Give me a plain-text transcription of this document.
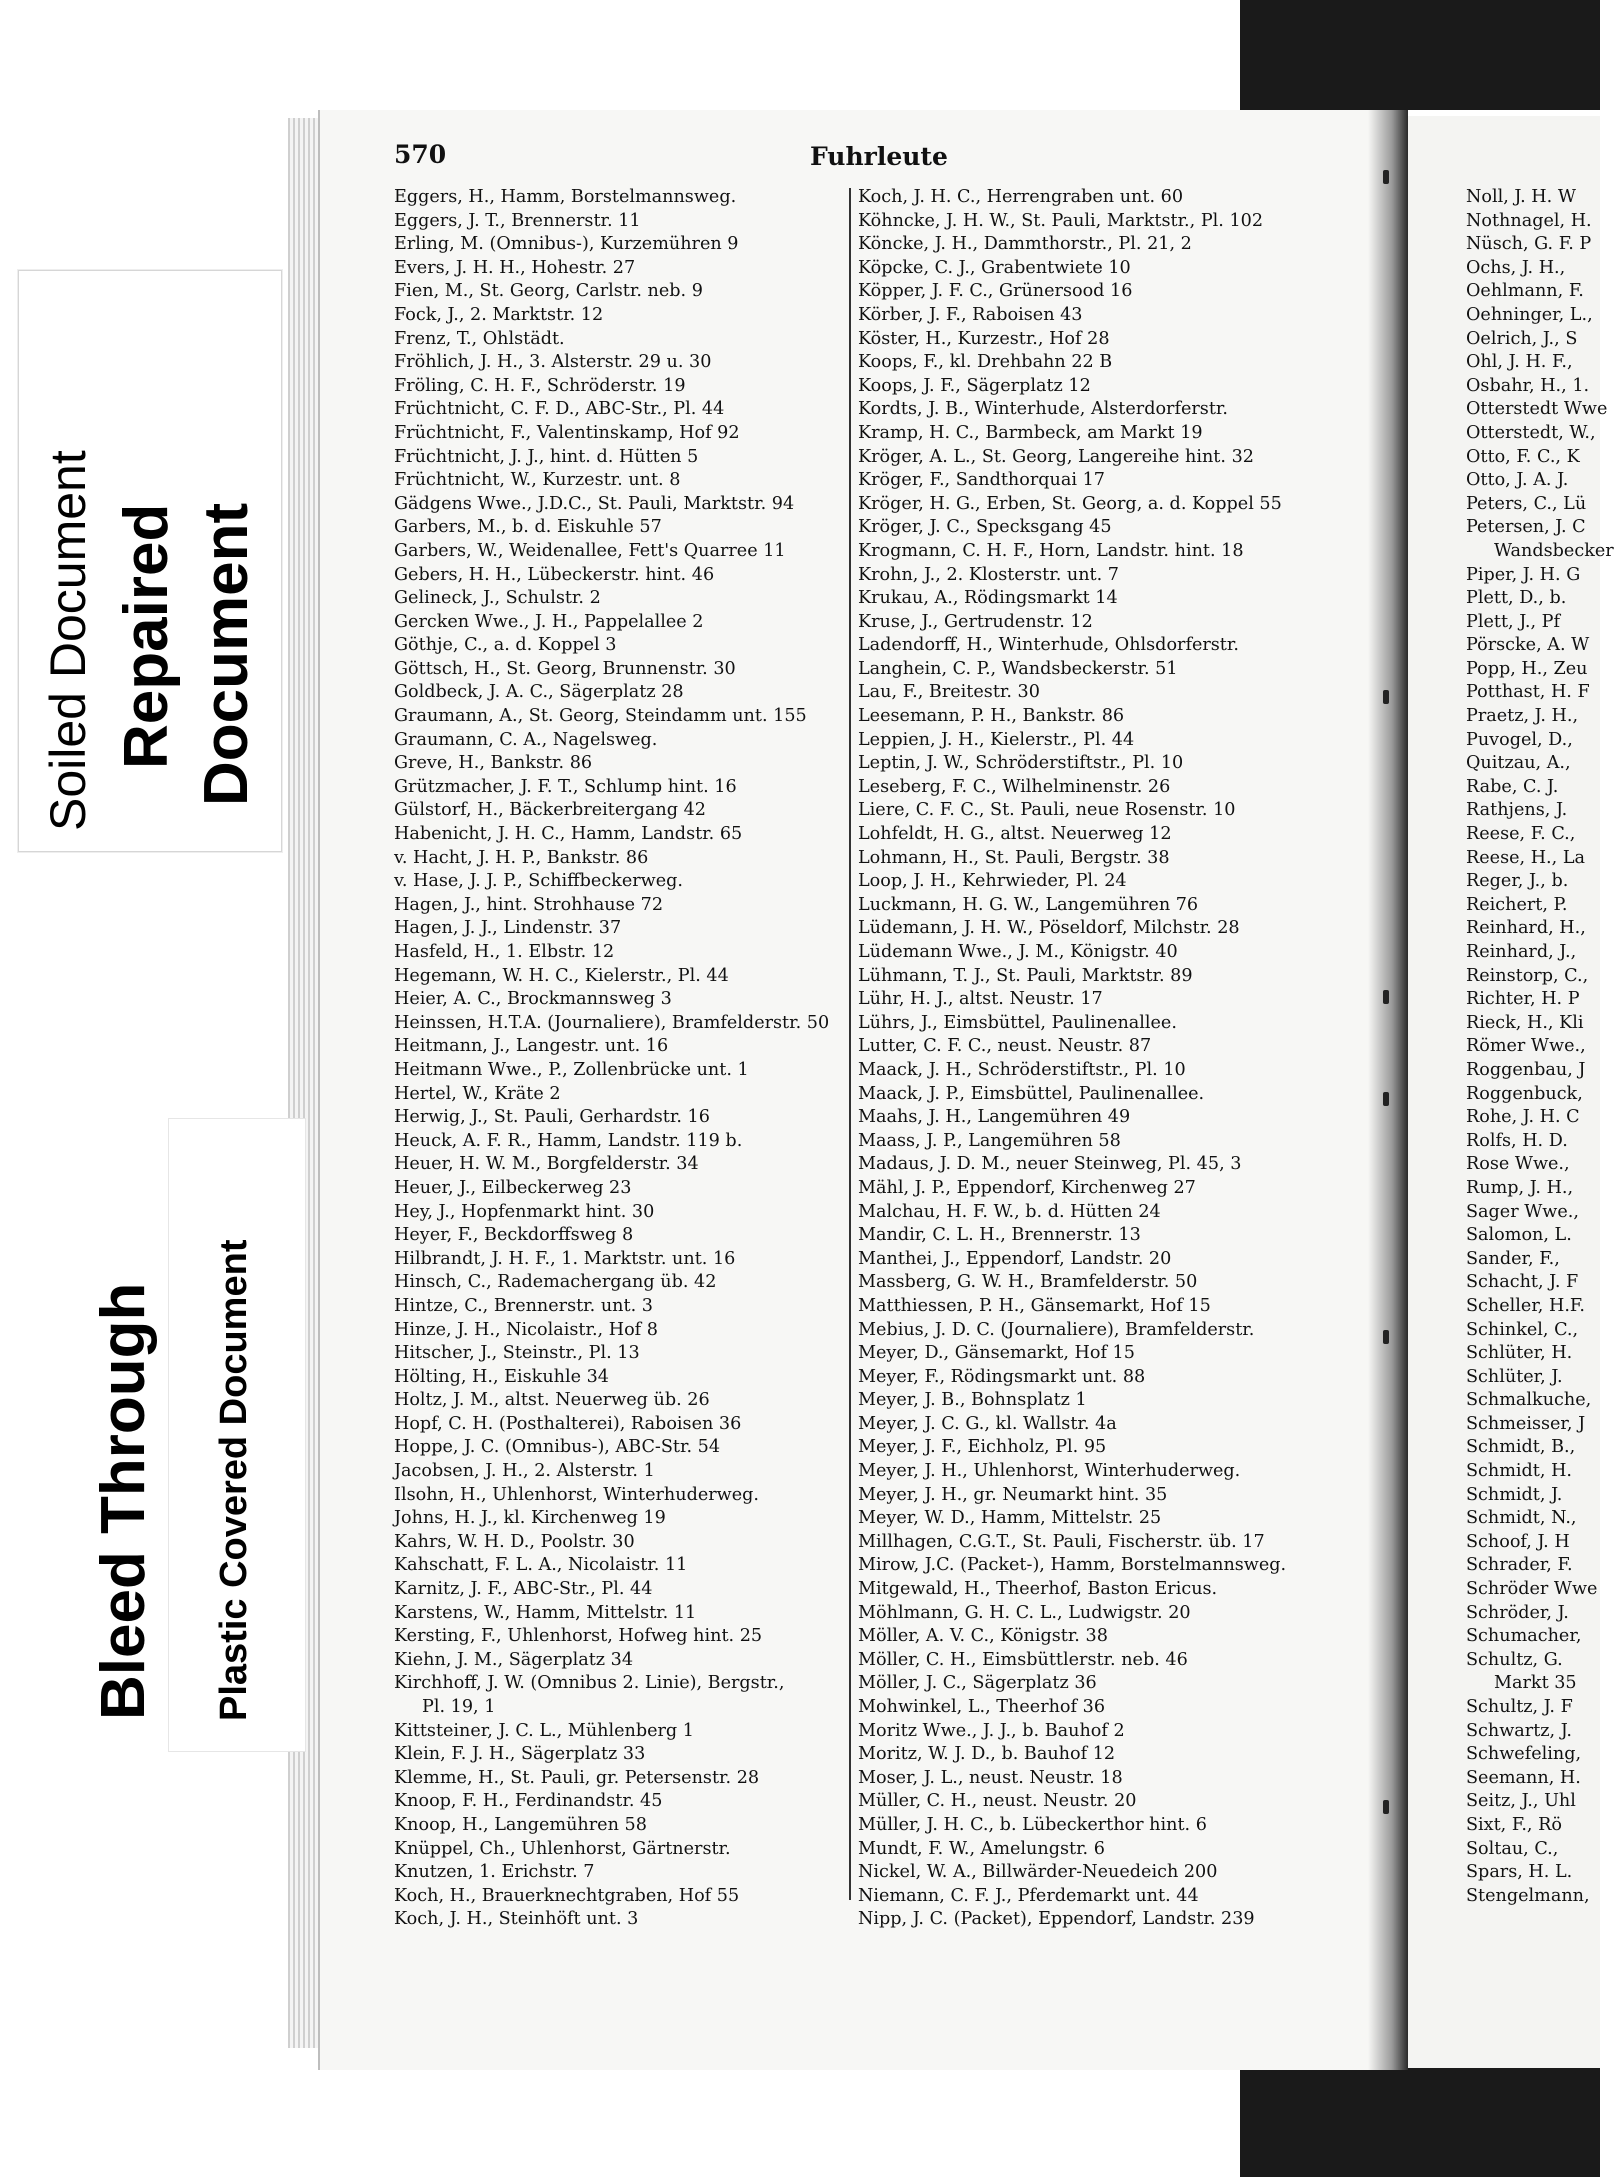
Soiled Document Repaired Document
Bleed Through Plastic Covered Document
570	Fuhrleute
Eggers, H., Hamm, Borstelmannsweg.
Eggers, J. T., Brennerstr. 11
Erling, M. (Omnibus-), Kurzemühren 9
Evers, J. H. H., Hohestr. 27
Fien, M., St. Georg, Carlstr. neb. 9
Fock, J., 2. Marktstr. 12
Frenz, T., Ohlstädt.
Fröhlich, J. H., 3. Alsterstr. 29 u. 30
Fröling, C. H. F., Schröderstr. 19
Früchtnicht, C. F. D., ABC-Str., Pl. 44
Früchtnicht, F., Valentinskamp, Hof 92
Früchtnicht, J. J., hint. d. Hütten 5
Früchtnicht, W., Kurzestr. unt. 8
Gädgens Wwe., J.D.C., St. Pauli, Marktstr. 94
Garbers, M., b. d. Eiskuhle 57
Garbers, W., Weidenallee, Fett's Quarree 11
Gebers, H. H., Lübeckerstr. hint. 46
Gelineck, J., Schulstr. 2
Gercken Wwe., J. H., Pappelallee 2
Göthje, C., a. d. Koppel 3
Göttsch, H., St. Georg, Brunnenstr. 30
Goldbeck, J. A. C., Sägerplatz 28
Graumann, A., St. Georg, Steindamm unt. 155
Graumann, C. A., Nagelsweg.
Greve, H., Bankstr. 86
Grützmacher, J. F. T., Schlump hint. 16
Gülstorf, H., Bäckerbreitergang 42
Habenicht, J. H. C., Hamm, Landstr. 65
v. Hacht, J. H. P., Bankstr. 86
v. Hase, J. J. P., Schiffbeckerweg.
Hagen, J., hint. Strohhause 72
Hagen, J. J., Lindenstr. 37
Hasfeld, H., 1. Elbstr. 12
Hegemann, W. H. C., Kielerstr., Pl. 44
Heier, A. C., Brockmannsweg 3
Heinssen, H.T.A. (Journaliere), Bramfelderstr. 50
Heitmann, J., Langestr. unt. 16
Heitmann Wwe., P., Zollenbrücke unt. 1
Hertel, W., Kräte 2
Herwig, J., St. Pauli, Gerhardstr. 16
Heuck, A. F. R., Hamm, Landstr. 119 b.
Heuer, H. W. M., Borgfelderstr. 34
Heuer, J., Eilbeckerweg 23
Hey, J., Hopfenmarkt hint. 30
Heyer, F., Beckdorffsweg 8
Hilbrandt, J. H. F., 1. Marktstr. unt. 16
Hinsch, C., Rademachergang üb. 42
Hintze, C., Brennerstr. unt. 3
Hinze, J. H., Nicolaistr., Hof 8
Hitscher, J., Steinstr., Pl. 13
Hölting, H., Eiskuhle 34
Holtz, J. M., altst. Neuerweg üb. 26
Hopf, C. H. (Posthalterei), Raboisen 36
Hoppe, J. C. (Omnibus-), ABC-Str. 54
Jacobsen, J. H., 2. Alsterstr. 1
Ilsohn, H., Uhlenhorst, Winterhuderweg.
Johns, H. J., kl. Kirchenweg 19
Kahrs, W. H. D., Poolstr. 30
Kahschatt, F. L. A., Nicolaistr. 11
Karnitz, J. F., ABC-Str., Pl. 44
Karstens, W., Hamm, Mittelstr. 11
Kersting, F., Uhlenhorst, Hofweg hint. 25
Kiehn, J. M., Sägerplatz 34
Kirchhoff, J. W. (Omnibus 2. Linie), Bergstr.,
Pl. 19, 1
Kittsteiner, J. C. L., Mühlenberg 1
Klein, F. J. H., Sägerplatz 33
Klemme, H., St. Pauli, gr. Petersenstr. 28
Knoop, F. H., Ferdinandstr. 45
Knoop, H., Langemühren 58
Knüppel, Ch., Uhlenhorst, Gärtnerstr.
Knutzen, 1. Erichstr. 7
Koch, H., Brauerknechtgraben, Hof 55
Koch, J. H., Steinhöft unt. 3
Koch, J. H. C., Herrengraben unt. 60
Köhncke, J. H. W., St. Pauli, Marktstr., Pl. 102
Köncke, J. H., Dammthorstr., Pl. 21, 2
Köpcke, C. J., Grabentwiete 10
Köpper, J. F. C., Grünersood 16
Körber, J. F., Raboisen 43
Köster, H., Kurzestr., Hof 28
Koops, F., kl. Drehbahn 22 B
Koops, J. F., Sägerplatz 12
Kordts, J. B., Winterhude, Alsterdorferstr.
Kramp, H. C., Barmbeck, am Markt 19
Kröger, A. L., St. Georg, Langereihe hint. 32
Kröger, F., Sandthorquai 17
Kröger, H. G., Erben, St. Georg, a. d. Koppel 55
Kröger, J. C., Specksgang 45
Krogmann, C. H. F., Horn, Landstr. hint. 18
Krohn, J., 2. Klosterstr. unt. 7
Krukau, A., Rödingsmarkt 14
Kruse, J., Gertrudenstr. 12
Ladendorff, H., Winterhude, Ohlsdorferstr.
Langhein, C. P., Wandsbeckerstr. 51
Lau, F., Breitestr. 30
Leesemann, P. H., Bankstr. 86
Leppien, J. H., Kielerstr., Pl. 44
Leptin, J. W., Schröderstiftstr., Pl. 10
Leseberg, F. C., Wilhelminenstr. 26
Liere, C. F. C., St. Pauli, neue Rosenstr. 10
Lohfeldt, H. G., altst. Neuerweg 12
Lohmann, H., St. Pauli, Bergstr. 38
Loop, J. H., Kehrwieder, Pl. 24
Luckmann, H. G. W., Langemühren 76
Lüdemann, J. H. W., Pöseldorf, Milchstr. 28
Lüdemann Wwe., J. M., Königstr. 40
Lühmann, T. J., St. Pauli, Marktstr. 89
Lühr, H. J., altst. Neustr. 17
Lührs, J., Eimsbüttel, Paulinenallee.
Lutter, C. F. C., neust. Neustr. 87
Maack, J. H., Schröderstiftstr., Pl. 10
Maack, J. P., Eimsbüttel, Paulinenallee.
Maahs, J. H., Langemühren 49
Maass, J. P., Langemühren 58
Madaus, J. D. M., neuer Steinweg, Pl. 45, 3
Mähl, J. P., Eppendorf, Kirchenweg 27
Malchau, H. F. W., b. d. Hütten 24
Mandir, C. L. H., Brennerstr. 13
Manthei, J., Eppendorf, Landstr. 20
Massberg, G. W. H., Bramfelderstr. 50
Matthiessen, P. H., Gänsemarkt, Hof 15
Mebius, J. D. C. (Journaliere), Bramfelderstr.
Meyer, D., Gänsemarkt, Hof 15
Meyer, F., Rödingsmarkt unt. 88
Meyer, J. B., Bohnsplatz 1
Meyer, J. C. G., kl. Wallstr. 4a
Meyer, J. F., Eichholz, Pl. 95
Meyer, J. H., Uhlenhorst, Winterhuderweg.
Meyer, J. H., gr. Neumarkt hint. 35
Meyer, W. D., Hamm, Mittelstr. 25
Millhagen, C.G.T., St. Pauli, Fischerstr. üb. 17
Mirow, J.C. (Packet-), Hamm, Borstelmannsweg.
Mitgewald, H., Theerhof, Baston Ericus.
Möhlmann, G. H. C. L., Ludwigstr. 20
Möller, A. V. C., Königstr. 38
Möller, C. H., Eimsbüttlerstr. neb. 46
Möller, J. C., Sägerplatz 36
Mohwinkel, L., Theerhof 36
Moritz Wwe., J. J., b. Bauhof 2
Moritz, W. J. D., b. Bauhof 12
Moser, J. L., neust. Neustr. 18
Müller, C. H., neust. Neustr. 20
Müller, J. H. C., b. Lübeckerthor hint. 6
Mundt, F. W., Amelungstr. 6
Nickel, W. A., Billwärder-Neuedeich 200
Niemann, C. F. J., Pferdemarkt unt. 44
Nipp, J. C. (Packet), Eppendorf, Landstr. 239
Noll, J. H. W
Nothnagel, H.
Nüsch, G. F. P
Ochs, J. H.,
Oehlmann, F.
Oehninger, L.,
Oelrich, J., S
Ohl, J. H. F.,
Osbahr, H., 1.
Otterstedt Wwe
Otterstedt, W.,
Otto, F. C., K
Otto, J. A. J.
Peters, C., Lü
Petersen, J. C
Wandsbecker
Piper, J. H. G
Plett, D., b.
Plett, J., Pf
Pörscke, A. W
Popp, H., Zeu
Potthast, H. F
Praetz, J. H.,
Puvogel, D.,
Quitzau, A.,
Rabe, C. J.
Rathjens, J.
Reese, F. C.,
Reese, H., La
Reger, J., b.
Reichert, P.
Reinhard, H.,
Reinhard, J.,
Reinstorp, C.,
Richter, H. P
Rieck, H., Kli
Römer Wwe.,
Roggenbau, J
Roggenbuck,
Rohe, J. H. C
Rolfs, H. D.
Rose Wwe.,
Rump, J. H.,
Sager Wwe.,
Salomon, L.
Sander, F.,
Schacht, J. F
Scheller, H.F.
Schinkel, C.,
Schlüter, H.
Schlüter, J.
Schmalkuche,
Schmeisser, J
Schmidt, B.,
Schmidt, H.
Schmidt, J.
Schmidt, N.,
Schoof, J. H
Schrader, F.
Schröder Wwe
Schröder, J.
Schumacher,
Schultz, G.
Markt 35
Schultz, J. F
Schwartz, J.
Schwefeling,
Seemann, H.
Seitz, J., Uhl
Sixt, F., Rö
Soltau, C.,
Spars, H. L.
Stengelmann,
